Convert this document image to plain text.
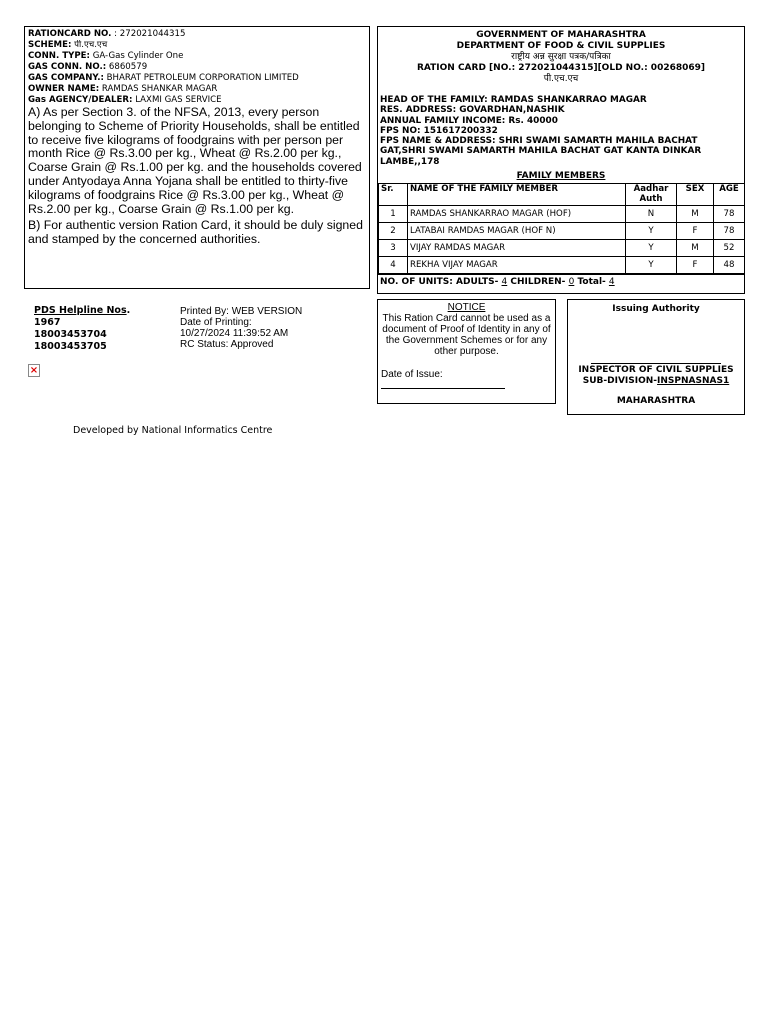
RATIONCARD NO. : 272021044315
SCHEME: पी.एच.एच
CONN. TYPE: GA-Gas Cylinder One
GAS CONN. NO.: 6860579
GAS COMPANY.: BHARAT PETROLEUM CORPORATION LIMITED
OWNER NAME: RAMDAS SHANKAR MAGAR
Gas AGENCY/DEALER: LAXMI GAS SERVICE

A) As per Section 3. of the NFSA, 2013, every person belonging to Scheme of Priority Households, shall be entitled to receive five kilograms of foodgrains with per person per month Rice @ Rs.3.00 per kg., Wheat @ Rs.2.00 per kg., Coarse Grain @ Rs.1.00 per kg. and the households covered under Antyodaya Anna Yojana shall be entitled to thirty-five kilograms of foodgrains Rice @ Rs.3.00 per kg., Wheat @ Rs.2.00 per kg., Coarse Grain @ Rs.1.00 per kg.

B) For authentic version Ration Card, it should be duly signed and stamped by the concerned authorities.

GOVERNMENT OF MAHARASHTRA
DEPARTMENT OF FOOD & CIVIL SUPPLIES
राष्ट्रीय अन्न सुरक्षा पत्रक/पत्रिका
RATION CARD [NO.: 272021044315][OLD NO.: 00268069]
पी.एच.एच
HEAD OF THE FAMILY: RAMDAS SHANKARRAO MAGAR
RES. ADDRESS: GOVARDHAN,NASHIK
ANNUAL FAMILY INCOME: Rs. 40000
FPS NO: 151617200332
FPS NAME & ADDRESS: SHRI SWAMI SAMARTH MAHILA BACHAT GAT,SHRI SWAMI SAMARTH MAHILA BACHAT GAT KANTA DINKAR LAMBE,,178
FAMILY MEMBERS
Sr.	NAME OF THE FAMILY MEMBER	Aadhar Auth	SEX	AGE
1	RAMDAS SHANKARRAO MAGAR (HOF)	N	M	78
2	LATABAI RAMDAS MAGAR (HOF N)	Y	F	78
3	VIJAY RAMDAS MAGAR	Y	M	52
4	REKHA VIJAY MAGAR	Y	F	48
NO. OF UNITS: ADULTS- 4 CHILDREN- 0 Total- 4
PDS Helpline Nos.
1967
18003453704
18003453705
Printed By: WEB VERSION
Date of Printing:
10/27/2024 11:39:52 AM
RC Status: Approved
×
Developed by National Informatics Centre
NOTICE
This Ration Card cannot be used as a document of Proof of Identity in any of the Government Schemes or for any other purpose.
Date of Issue:
Issuing Authority
INSPECTOR OF CIVIL SUPPLIES
SUB-DIVISION-INSPNASNAS1
MAHARASHTRA
